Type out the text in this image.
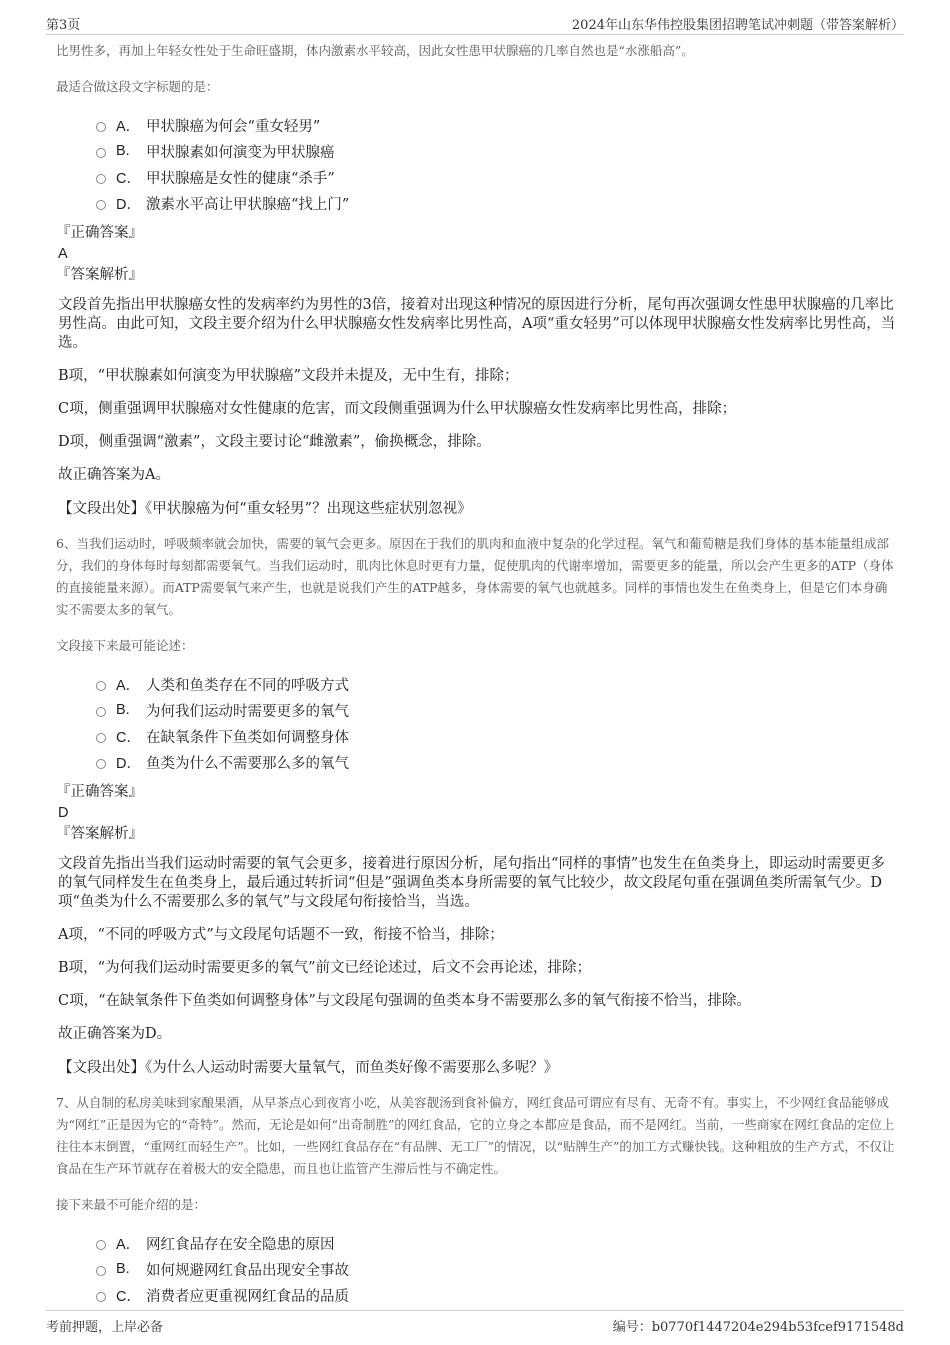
第3页	2024年山东华伟控股集团招聘笔试冲刺题（带答案解析）

比男性多，再加上年轻女性处于生命旺盛期，体内激素水平较高，因此女性患甲状腺癌的几率自然也是“水涨船高”。

最适合做这段文字标题的是：

A． 甲状腺癌为何会“重女轻男”
B.	甲状腺素如何演变为甲状腺癌
C． 甲状腺癌是女性的健康“杀手”
D． 激素水平高让甲状腺癌“找上门”

『正确答案』

A

『答案解析』

文段首先指出甲状腺癌女性的发病率约为男性的3倍，接着对出现这种情况的原因进行分析，尾句再次强调女性患甲状腺癌的几率比男性高。由此可知，文段主要介绍为什么甲状腺癌女性发病率比男性高，A项“重女轻男”可以体现甲状腺癌女性发病率比男性高，当选。

B项，“甲状腺素如何演变为甲状腺癌”文段并未提及，无中生有，排除；

C项，侧重强调甲状腺癌对女性健康的危害，而文段侧重强调为什么甲状腺癌女性发病率比男性高，排除；

D项，侧重强调“激素”，文段主要讨论“雌激素”，偷换概念，排除。

故正确答案为A。

【文段出处】《甲状腺癌为何“重女轻男”？出现这些症状别忽视》

6、当我们运动时，呼吸频率就会加快，需要的氧气会更多。原因在于我们的肌肉和血液中复杂的化学过程。氧气和葡萄糖是我们身体的基本能量组成部分，我们的身体每时每刻都需要氧气。当我们运动时，肌肉比休息时更有力量，促使肌肉的代谢率增加，需要更多的能量，所以会产生更多的ATP（身体的直接能量来源）。而ATP需要氧气来产生，也就是说我们产生的ATP越多，身体需要的氧气也就越多。同样的事情也发生在鱼类身上，但是它们本身确实不需要太多的氧气。

文段接下来最可能论述：

A． 人类和鱼类存在不同的呼吸方式
B.	为何我们运动时需要更多的氧气
C． 在缺氧条件下鱼类如何调整身体
D． 鱼类为什么不需要那么多的氧气

『正确答案』

D

『答案解析』

文段首先指出当我们运动时需要的氧气会更多，接着进行原因分析，尾句指出“同样的事情”也发生在鱼类身上，即运动时需要更多的氧气同样发生在鱼类身上，最后通过转折词“但是”强调鱼类本身所需要的氧气比较少，故文段尾句重在强调鱼类所需氧气少。D项“鱼类为什么不需要那么多的氧气”与文段尾句衔接恰当，当选。

A项，“不同的呼吸方式”与文段尾句话题不一致，衔接不恰当，排除；

B项，“为何我们运动时需要更多的氧气”前文已经论述过，后文不会再论述，排除；

C项，“在缺氧条件下鱼类如何调整身体”与文段尾句强调的鱼类本身不需要那么多的氧气衔接不恰当，排除。

故正确答案为D。

【文段出处】《为什么人运动时需要大量氧气，而鱼类好像不需要那么多呢？》

7、从自制的私房美味到家酿果酒，从早茶点心到夜宵小吃，从美容靓汤到食补偏方，网红食品可谓应有尽有、无奇不有。事实上，不少网红食品能够成为“网红”正是因为它的“奇特”。然而，无论是如何“出奇制胜”的网红食品，它的立身之本都应是食品，而不是网红。当前，一些商家在网红食品的定位上往往本末倒置，“重网红而轻生产”。比如，一些网红食品存在“有品牌、无工厂”的情况，以“贴牌生产”的加工方式赚快钱。这种粗放的生产方式，不仅让食品在生产环节就存在着极大的安全隐患，而且也让监管产生滞后性与不确定性。

接下来最不可能介绍的是：

A． 网红食品存在安全隐患的原因
B.	如何规避网红食品出现安全事故
C． 消费者应更重视网红食品的品质
考前押题，上岸必备	编号：b0770f1447204e294b53fcef9171548d
